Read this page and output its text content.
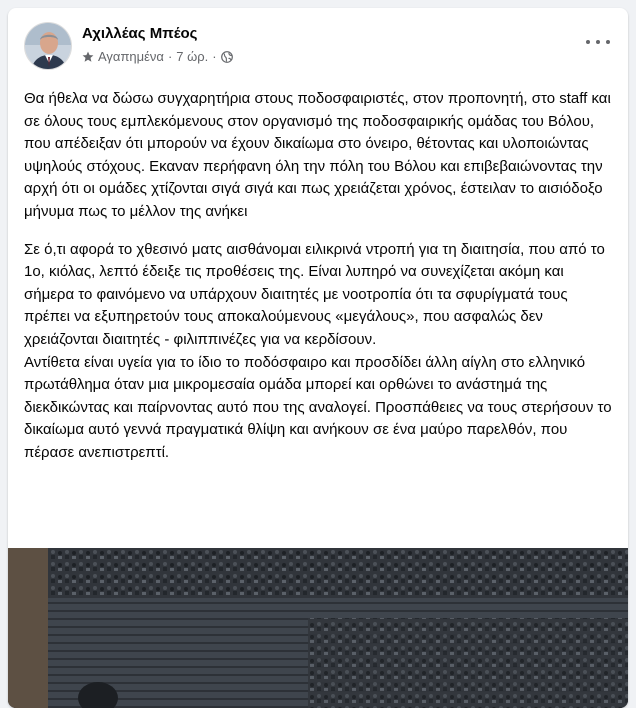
Αχιλλέας Μπέος
Αγαπημένα · 7 ώρ. ·

Θα ήθελα να δώσω συγχαρητήρια στους ποδοσφαιριστές, στον προπονητή, στο staff και σε όλους τους εμπλεκόμενους στον οργανισμό της ποδοσφαιρικής ομάδας του Βόλου, που απέδειξαν ότι μπορούν να έχουν δικαίωμα στο όνειρο, θέτοντας και υλοποιώντας υψηλούς στόχους. Εκαναν περήφανη όλη την πόλη του Βόλου και επιβεβαιώνοντας την αρχή ότι οι ομάδες χτίζονται σιγά σιγά και πως χρειάζεται χρόνος, έστειλαν το αισιόδοξο μήνυμα πως το μέλλον της ανήκει

Σε ό,τι αφορά το χθεσινό ματς αισθάνομαι ειλικρινά ντροπή για τη διαιτησία, που από το 1ο, κιόλας, λεπτό έδειξε τις προθέσεις της. Είναι λυπηρό να συνεχίζεται ακόμη και σήμερα το φαινόμενο να υπάρχουν διαιτητές με νοοτροπία ότι τα σφυρίγματά τους πρέπει να εξυπηρετούν τους αποκαλούμενους «μεγάλους», που ασφαλώς δεν χρειάζονται διαιτητές - φιλιππινέζες για να κερδίσουν.

Αντίθετα είναι υγεία για το ίδιο το ποδόσφαιρο και προσδίδει άλλη αίγλη στο ελληνικό πρωτάθλημα όταν μια μικρομεσαία ομάδα μπορεί και ορθώνει το ανάστημά της διεκδικώντας και παίρνοντας αυτό που της αναλογεί. Προσπάθειες να τους στερήσουν το δικαίωμα αυτό γεννά πραγματικά θλίψη και ανήκουν σε ένα μαύρο παρελθόν, που πέρασε ανεπιστρεπτί.
